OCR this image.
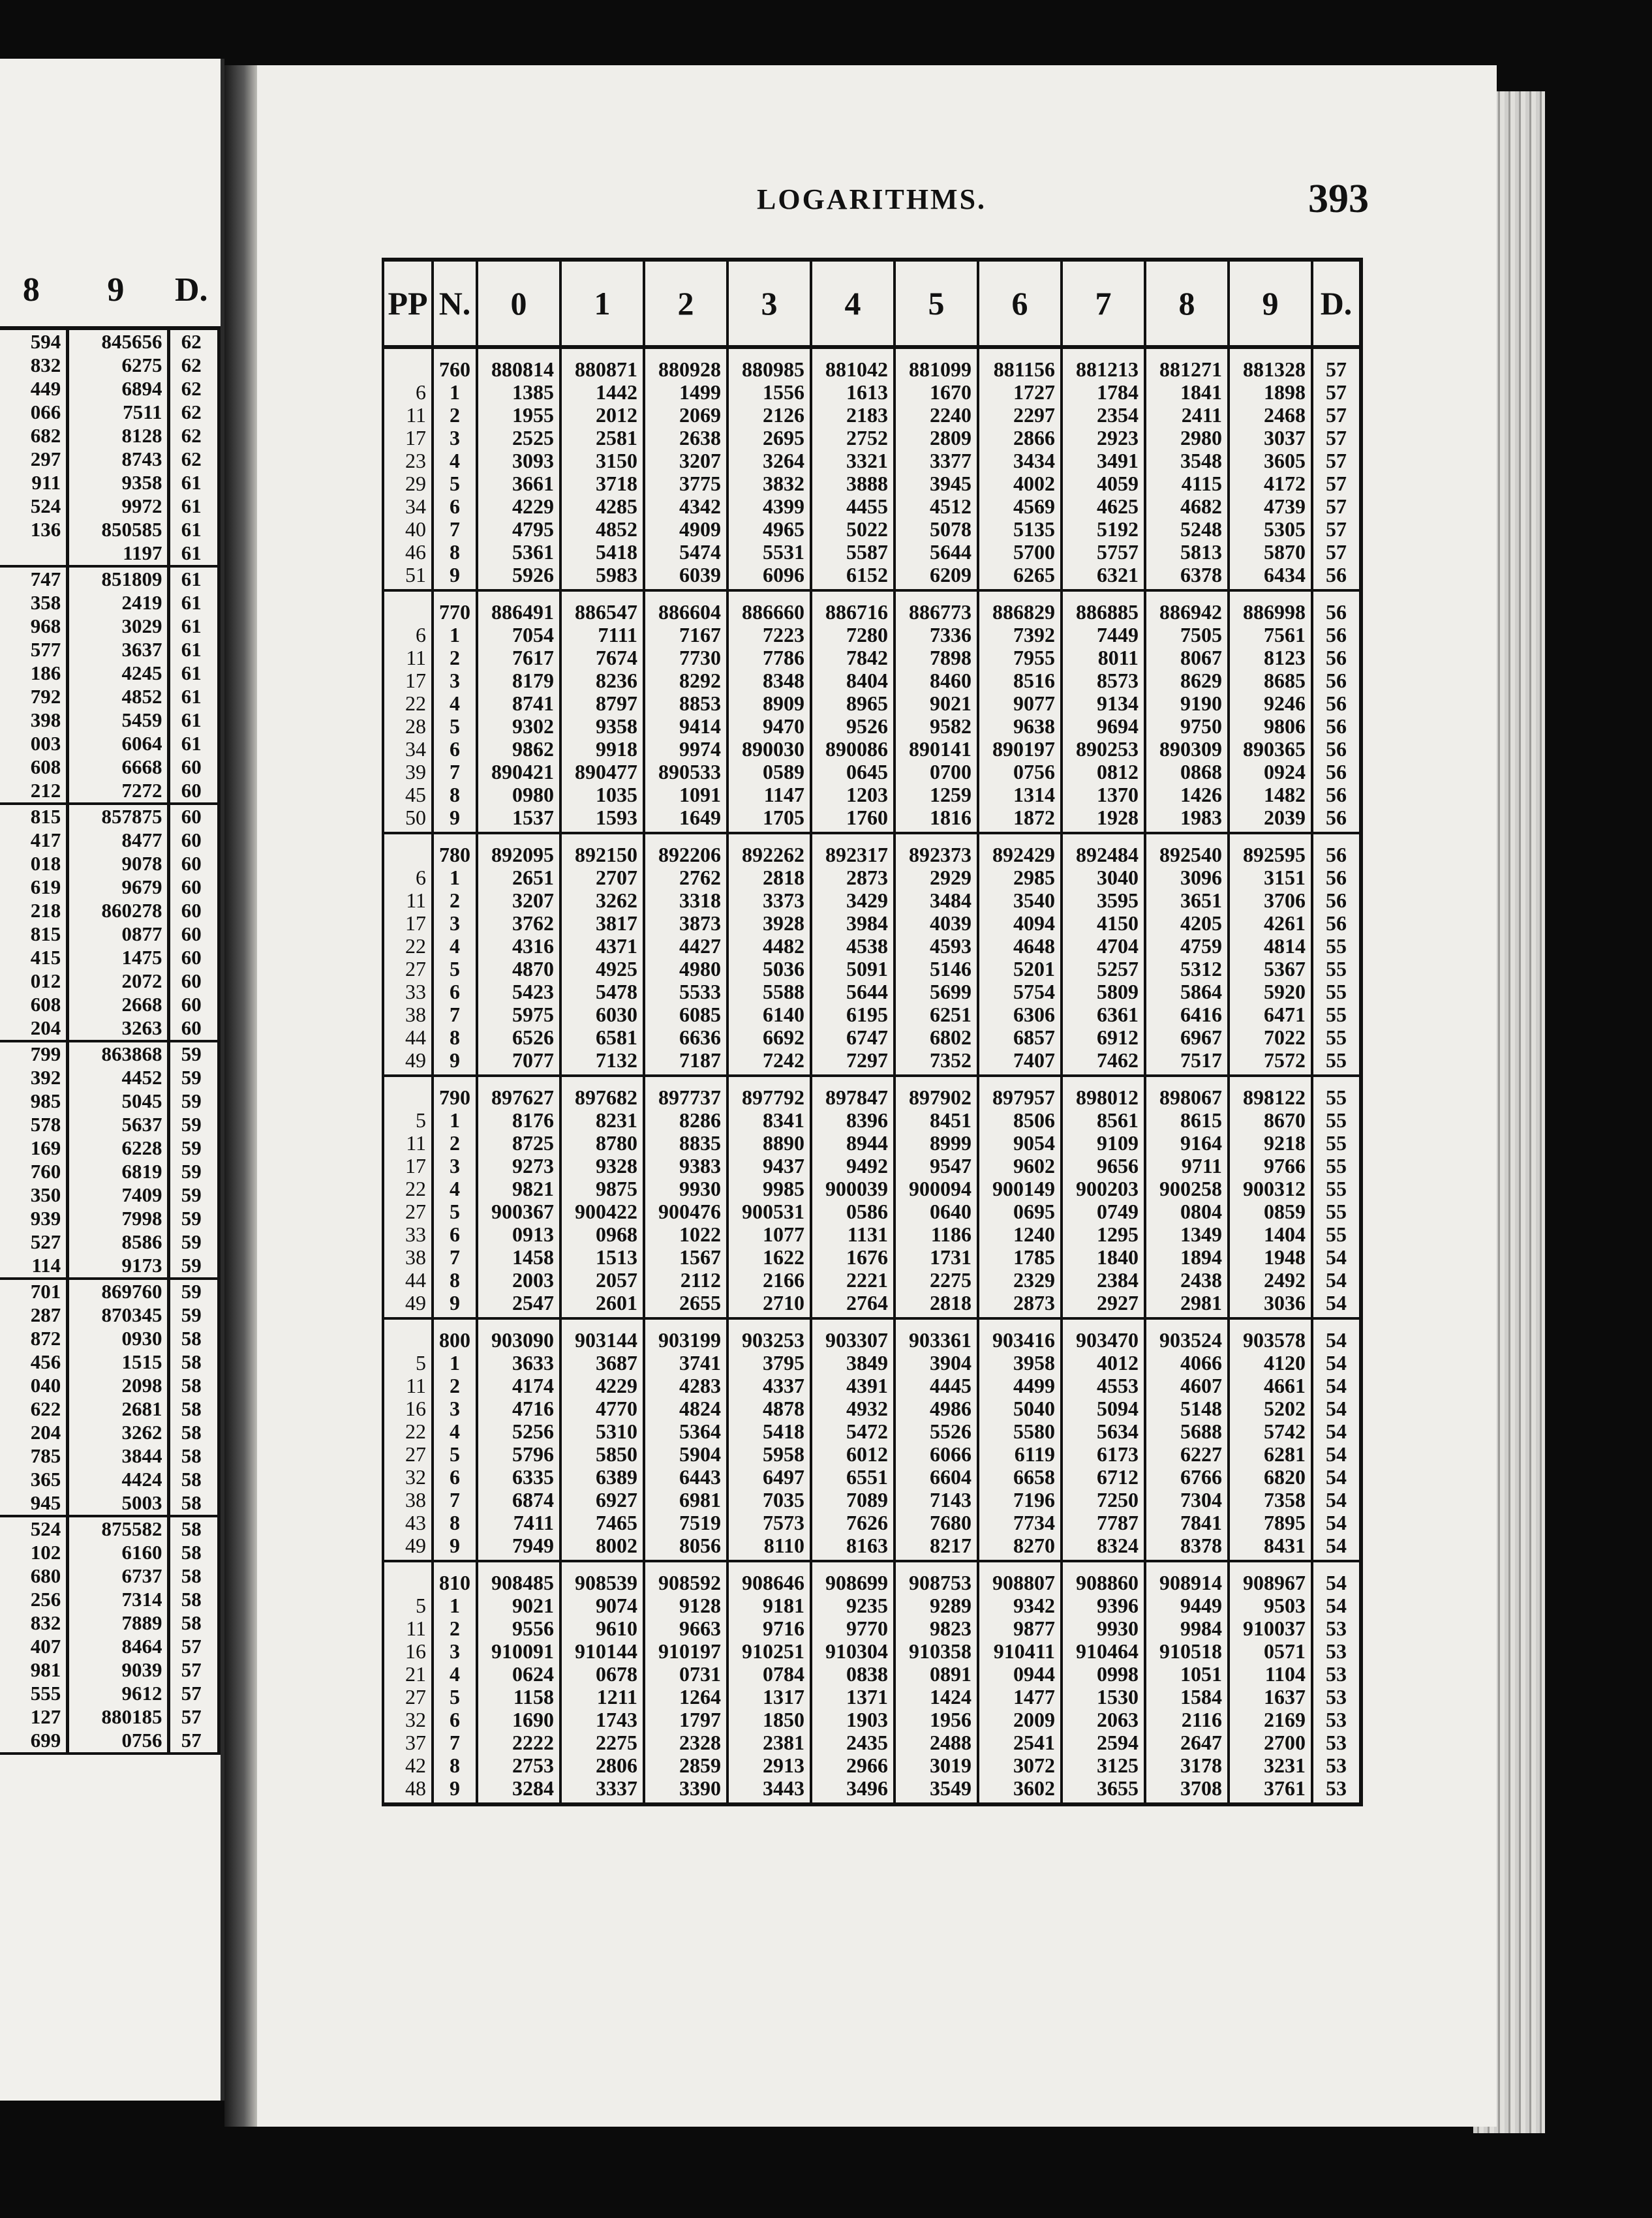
8	9	D.
594	845656	62
832	6275	62
449	6894	62
066	7511	62
682	8128	62
297	8743	62
911	9358	61
524	9972	61
136	850585	61
	1197	61
747	851809	61
358	2419	61
968	3029	61
577	3637	61
186	4245	61
792	4852	61
398	5459	61
003	6064	61
608	6668	60
212	7272	60
815	857875	60
417	8477	60
018	9078	60
619	9679	60
218	860278	60
815	0877	60
415	1475	60
012	2072	60
608	2668	60
204	3263	60
799	863868	59
392	4452	59
985	5045	59
578	5637	59
169	6228	59
760	6819	59
350	7409	59
939	7998	59
527	8586	59
114	9173	59
701	869760	59
287	870345	59
872	0930	58
456	1515	58
040	2098	58
622	2681	58
204	3262	58
785	3844	58
365	4424	58
945	5003	58
524	875582	58
102	6160	58
680	6737	58
256	7314	58
832	7889	58
407	8464	57
981	9039	57
555	9612	57
127	880185	57
699	0756	57
LOGARITHMS.	393
PP	N.	0	1	2	3	4	5	6	7	8	9	D.
	760	880814	880871	880928	880985	881042	881099	881156	881213	881271	881328	57
6	1	1385	1442	1499	1556	1613	1670	1727	1784	1841	1898	57
11	2	1955	2012	2069	2126	2183	2240	2297	2354	2411	2468	57
17	3	2525	2581	2638	2695	2752	2809	2866	2923	2980	3037	57
23	4	3093	3150	3207	3264	3321	3377	3434	3491	3548	3605	57
29	5	3661	3718	3775	3832	3888	3945	4002	4059	4115	4172	57
34	6	4229	4285	4342	4399	4455	4512	4569	4625	4682	4739	57
40	7	4795	4852	4909	4965	5022	5078	5135	5192	5248	5305	57
46	8	5361	5418	5474	5531	5587	5644	5700	5757	5813	5870	57
51	9	5926	5983	6039	6096	6152	6209	6265	6321	6378	6434	56
	770	886491	886547	886604	886660	886716	886773	886829	886885	886942	886998	56
6	1	7054	7111	7167	7223	7280	7336	7392	7449	7505	7561	56
11	2	7617	7674	7730	7786	7842	7898	7955	8011	8067	8123	56
17	3	8179	8236	8292	8348	8404	8460	8516	8573	8629	8685	56
22	4	8741	8797	8853	8909	8965	9021	9077	9134	9190	9246	56
28	5	9302	9358	9414	9470	9526	9582	9638	9694	9750	9806	56
34	6	9862	9918	9974	890030	890086	890141	890197	890253	890309	890365	56
39	7	890421	890477	890533	0589	0645	0700	0756	0812	0868	0924	56
45	8	0980	1035	1091	1147	1203	1259	1314	1370	1426	1482	56
50	9	1537	1593	1649	1705	1760	1816	1872	1928	1983	2039	56
	780	892095	892150	892206	892262	892317	892373	892429	892484	892540	892595	56
6	1	2651	2707	2762	2818	2873	2929	2985	3040	3096	3151	56
11	2	3207	3262	3318	3373	3429	3484	3540	3595	3651	3706	56
17	3	3762	3817	3873	3928	3984	4039	4094	4150	4205	4261	56
22	4	4316	4371	4427	4482	4538	4593	4648	4704	4759	4814	55
27	5	4870	4925	4980	5036	5091	5146	5201	5257	5312	5367	55
33	6	5423	5478	5533	5588	5644	5699	5754	5809	5864	5920	55
38	7	5975	6030	6085	6140	6195	6251	6306	6361	6416	6471	55
44	8	6526	6581	6636	6692	6747	6802	6857	6912	6967	7022	55
49	9	7077	7132	7187	7242	7297	7352	7407	7462	7517	7572	55
	790	897627	897682	897737	897792	897847	897902	897957	898012	898067	898122	55
5	1	8176	8231	8286	8341	8396	8451	8506	8561	8615	8670	55
11	2	8725	8780	8835	8890	8944	8999	9054	9109	9164	9218	55
17	3	9273	9328	9383	9437	9492	9547	9602	9656	9711	9766	55
22	4	9821	9875	9930	9985	900039	900094	900149	900203	900258	900312	55
27	5	900367	900422	900476	900531	0586	0640	0695	0749	0804	0859	55
33	6	0913	0968	1022	1077	1131	1186	1240	1295	1349	1404	55
38	7	1458	1513	1567	1622	1676	1731	1785	1840	1894	1948	54
44	8	2003	2057	2112	2166	2221	2275	2329	2384	2438	2492	54
49	9	2547	2601	2655	2710	2764	2818	2873	2927	2981	3036	54
	800	903090	903144	903199	903253	903307	903361	903416	903470	903524	903578	54
5	1	3633	3687	3741	3795	3849	3904	3958	4012	4066	4120	54
11	2	4174	4229	4283	4337	4391	4445	4499	4553	4607	4661	54
16	3	4716	4770	4824	4878	4932	4986	5040	5094	5148	5202	54
22	4	5256	5310	5364	5418	5472	5526	5580	5634	5688	5742	54
27	5	5796	5850	5904	5958	6012	6066	6119	6173	6227	6281	54
32	6	6335	6389	6443	6497	6551	6604	6658	6712	6766	6820	54
38	7	6874	6927	6981	7035	7089	7143	7196	7250	7304	7358	54
43	8	7411	7465	7519	7573	7626	7680	7734	7787	7841	7895	54
49	9	7949	8002	8056	8110	8163	8217	8270	8324	8378	8431	54
	810	908485	908539	908592	908646	908699	908753	908807	908860	908914	908967	54
5	1	9021	9074	9128	9181	9235	9289	9342	9396	9449	9503	54
11	2	9556	9610	9663	9716	9770	9823	9877	9930	9984	910037	53
16	3	910091	910144	910197	910251	910304	910358	910411	910464	910518	0571	53
21	4	0624	0678	0731	0784	0838	0891	0944	0998	1051	1104	53
27	5	1158	1211	1264	1317	1371	1424	1477	1530	1584	1637	53
32	6	1690	1743	1797	1850	1903	1956	2009	2063	2116	2169	53
37	7	2222	2275	2328	2381	2435	2488	2541	2594	2647	2700	53
42	8	2753	2806	2859	2913	2966	3019	3072	3125	3178	3231	53
48	9	3284	3337	3390	3443	3496	3549	3602	3655	3708	3761	53
